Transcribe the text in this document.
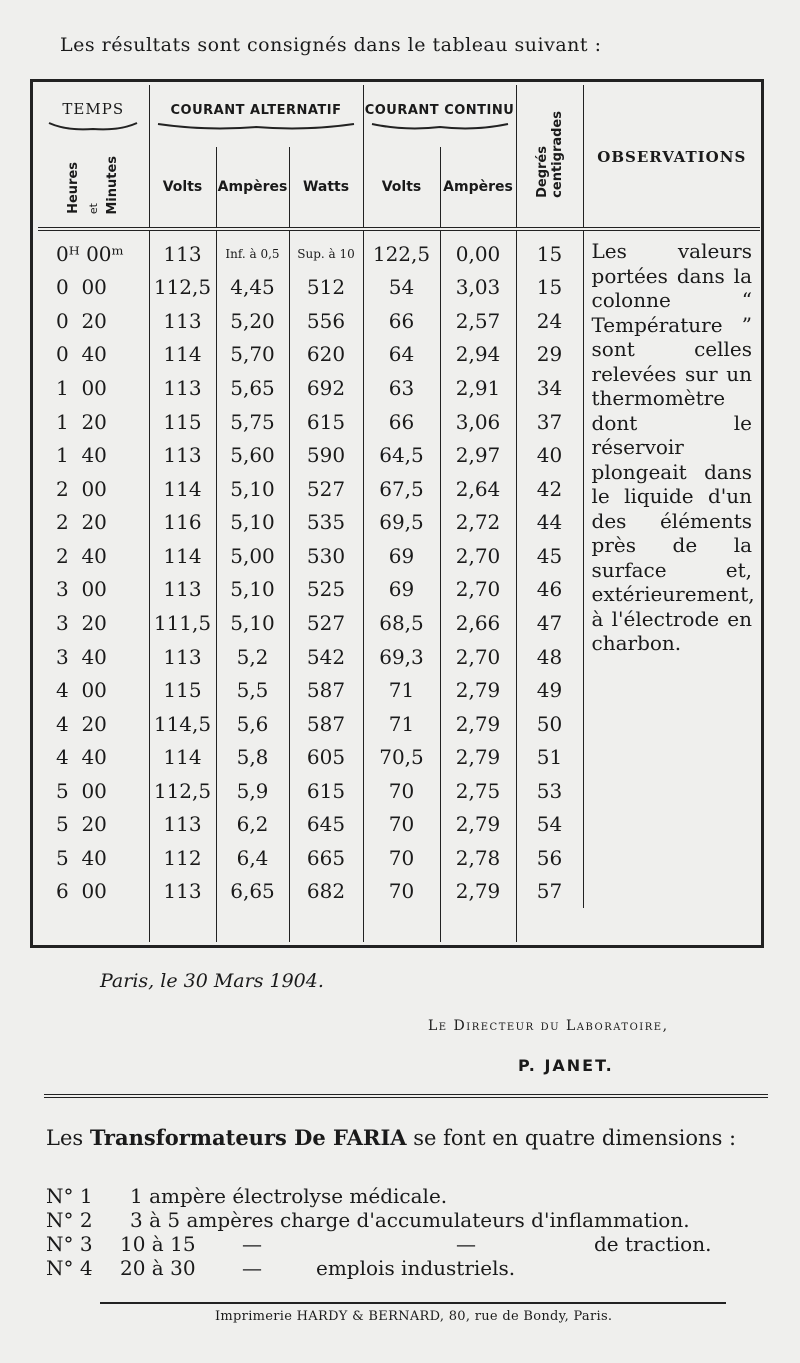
Les résultats sont consignés dans le tableau suivant :
TEMPS	COURANT ALTERNATIF			COURANT CONTINU		Degréscentigrades	OBSERVATIONS
Heures et Minutes	Volts	Ampères	Watts	Volts	Ampères		

0ᴴ 00ᵐ	113	Inf. à 0,5	Sup. à 10	122,5	0,00	15	Les valeurs portées dans la colonne “ Température ” sont celles relevées sur un thermomètre dont le réservoir plongeait dans le liquide d'un des éléments près de la surface et, extérieurement, à l'électrode en charbon.
0  00	112,5	4,45	512	54	3,03	15	
0  20	113	5,20	556	66	2,57	24	
0  40	114	5,70	620	64	2,94	29	
1  00	113	5,65	692	63	2,91	34	
1  20	115	5,75	615	66	3,06	37	
1  40	113	5,60	590	64,5	2,97	40	
2  00	114	5,10	527	67,5	2,64	42	
2  20	116	5,10	535	69,5	2,72	44	
2  40	114	5,00	530	69	2,70	45	
3  00	113	5,10	525	69	2,70	46	
3  20	111,5	5,10	527	68,5	2,66	47	
3  40	113	5,2	542	69,3	2,70	48	
4  00	115	5,5	587	71	2,79	49	
4  20	114,5	5,6	587	71	2,79	50	
4  40	114	5,8	605	70,5	2,79	51	
5  00	112,5	5,9	615	70	2,75	53	
5  20	113	6,2	645	70	2,79	54	
5  40	112	6,4	665	70	2,78	56	
6  00	113	6,65	682	70	2,79	57	

Paris, le 30 Mars 1904.
Le Directeur du Laboratoire,
P. JANET.
Les Transformateurs De FARIA se font en quatre dimensions :
N° 1 1 ampère électrolyse médicale.
N° 2 3 à 5 ampères charge d'accumulateurs d'inflammation.
N° 3 10 à 15 —	—	de traction.
N° 4 20 à 30 —	emplois industriels.
Imprimerie HARDY & BERNARD, 80, rue de Bondy, Paris.
